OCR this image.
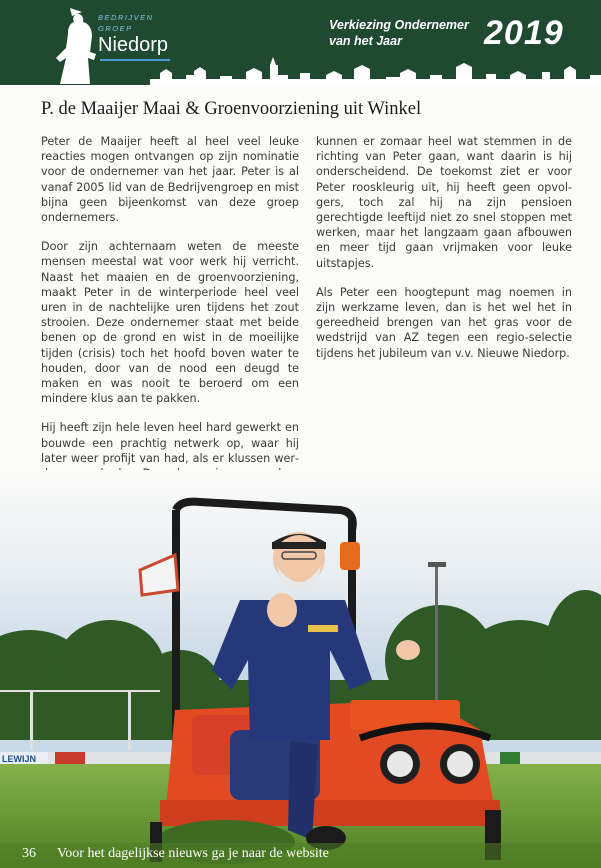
BEDRIJVEN
GROEP
Niedorp
Verkiezing Ondernemer
van het Jaar	2019
P. de Maaijer Maai & Groenvoorziening uit Winkel

Peter de Maaijer heeft al heel veel leuke reacties mogen ontvangen op zijn nominatie voor de ondernemer van het jaar. Peter is al vanaf 2005 lid van de Bedrijvengroep en mist bijna geen bijeenkomst van deze groep ondernemers.

Door zijn achternaam weten de meeste mensen meestal wat voor werk hij verricht. Naast het maaien en de groenvoorziening, maakt Peter in de winterperiode heel veel uren in de nachtelijke uren tijdens het zout strooien. Deze ondernemer staat met beide benen op de grond en wist in de moeilijke tijden (crisis) toch het hoofd boven water te houden, door van de nood een deugd te maken en was nooit te beroerd om een mindere klus aan te pakken.

Hij heeft zijn hele leven heel hard gewerkt en bouwde een prachtig netwerk op, waar hij later weer profijt van had, als er klussen wer

kunnen er zomaar heel wat stemmen in de richting van Peter gaan, want daarin is hij onderscheidend. De toekomst ziet er voor Peter rooskleurig uit, hij heeft geen opvolgers, toch zal hij na zijn pensioen gerechtigde leeftijd niet zo snel stoppen met werken, maar het langzaam gaan afbouwen en meer tijd gaan vrijmaken voor leuke uitstapjes.

Als Peter een hoogtepunt mag noemen in zijn werkzame leven, dan is het wel het in gereedheid brengen van het gras voor de wedstrijd van AZ tegen een regio-selectie tijdens het jubileum van v.v. Nieuwe Niedorp.

LEWIJN
36 Voor het dagelijkse nieuws ga je naar de website
